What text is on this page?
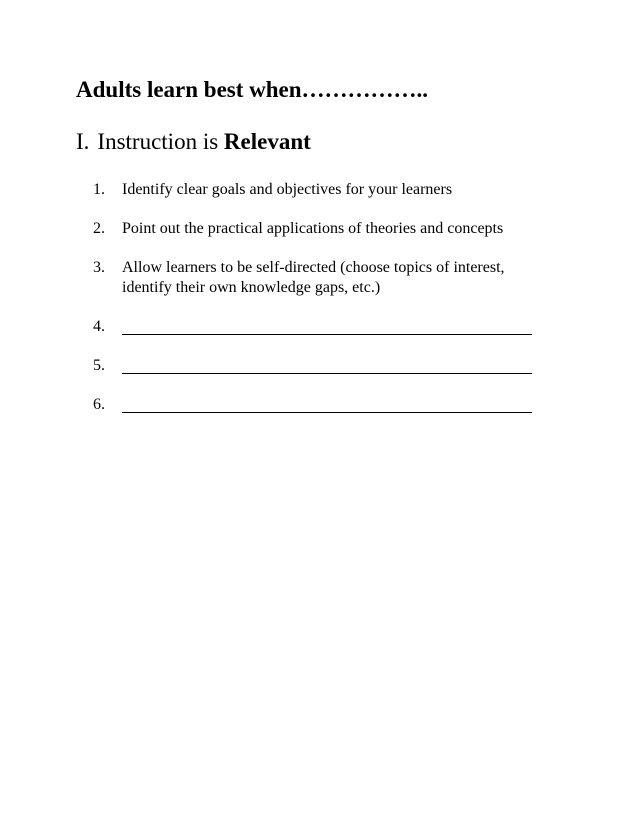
Adults learn best when……………..
I. Instruction is Relevant
1.	Identify clear goals and objectives for your learners
2.	Point out the practical applications of theories and concepts
3.	Allow learners to be self-directed (choose topics of interest, identify their own knowledge gaps, etc.)
4.
5.
6.
